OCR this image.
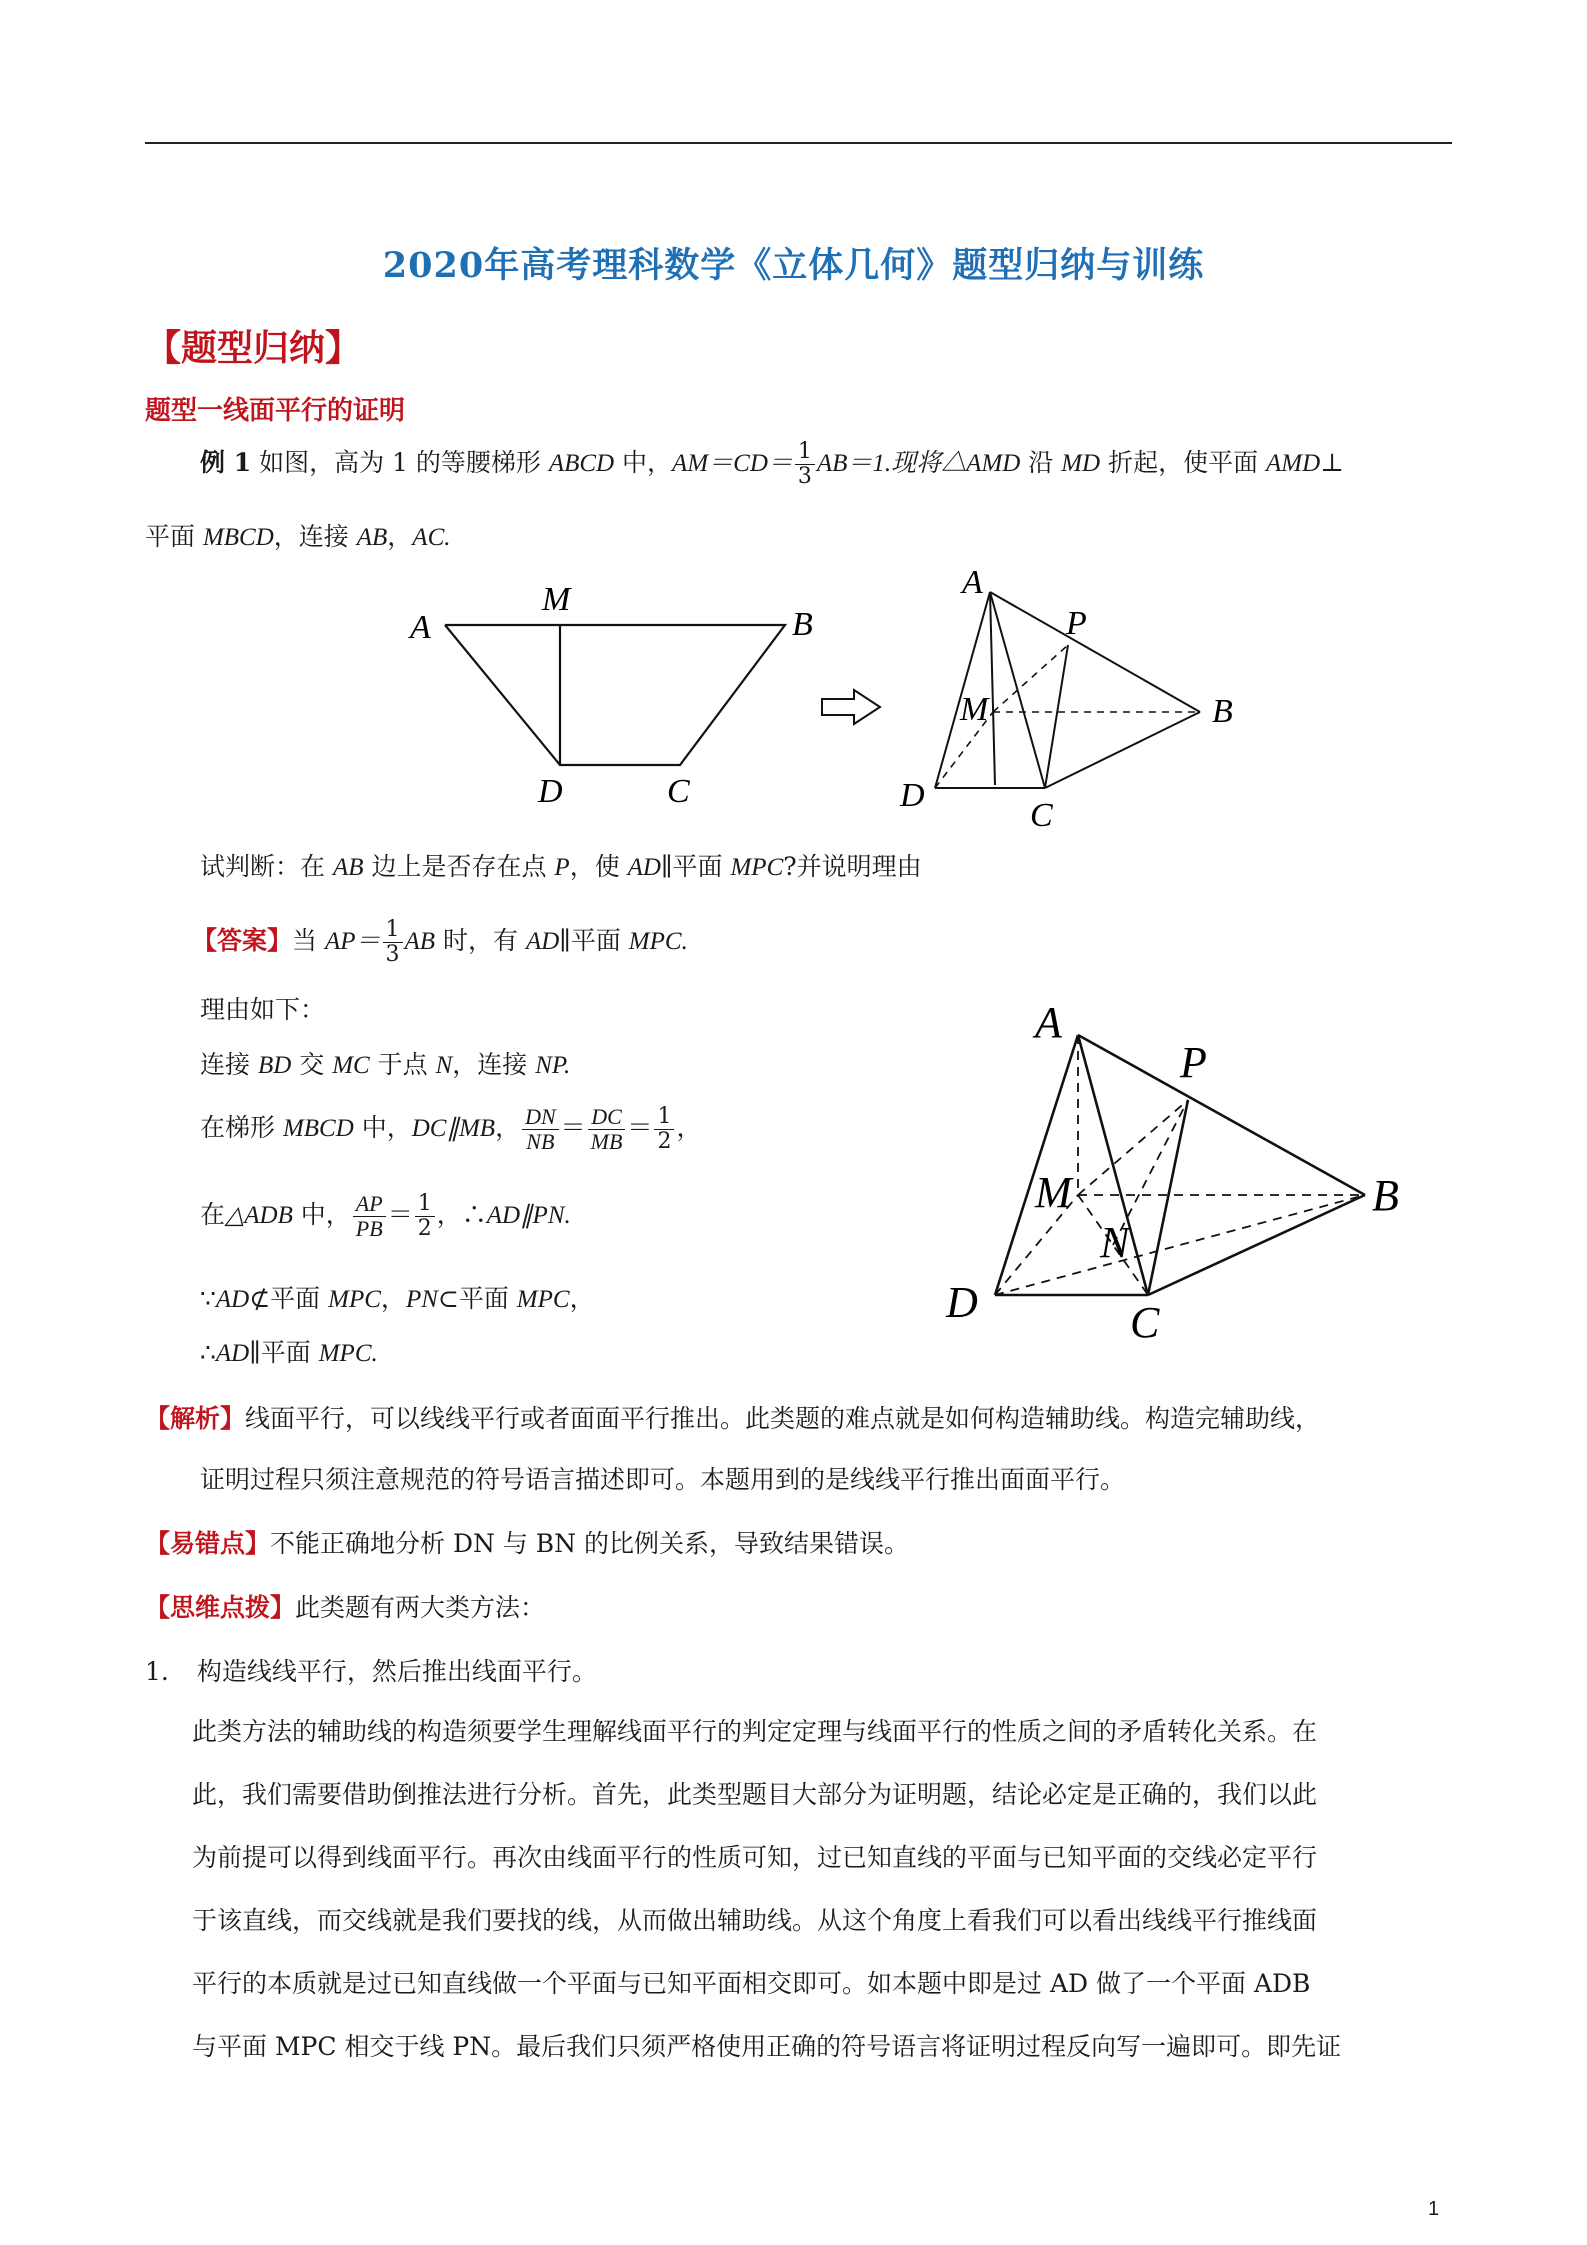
2020年高考理科数学《立体几何》题型归纳与训练
【题型归纳】
题型一线面平行的证明
例 1 如图，高为 1 的等腰梯形 ABCD 中，$AM=CD= \frac{1}{3} AB=1$.现将△AMD 沿 MD 折起，使平面 AMD⊥
平面 MBCD，连接 AB，AC.
A
M
B
D	C
A
P
M	B
D
C
试判断：在 AB 边上是否存在点 P，使 AD∥平面 MPC?并说明理由
【答案】当 $AP= \frac{1}{3}$ AB 时，有 AD∥平面 MPC.
理由如下：
连接 BD 交 MC 于点 N，连接 NP.
在梯形 MBCD 中，DC∥MB， $\frac{DN}{NB} = \frac{DC}{MB} = \frac{1}{2}$ ，
在△ADB 中， $\frac{AP}{PB} = \frac{1}{2}$ ，∴AD∥PN.
∵AD⊄平面 MPC，PN⊂平面 MPC，
∴AD∥平面 MPC.
A
P
M	B
N
D	C
【解析】线面平行，可以线线平行或者面面平行推出。此类题的难点就是如何构造辅助线。构造完辅助线，
证明过程只须注意规范的符号语言描述即可。本题用到的是线线平行推出面面平行。
【易错点】不能正确地分析 DN 与 BN 的比例关系，导致结果错误。
【思维点拨】此类题有两大类方法：
1. 构造线线平行，然后推出线面平行。
此类方法的辅助线的构造须要学生理解线面平行的判定定理与线面平行的性质之间的矛盾转化关系。在
此，我们需要借助倒推法进行分析。首先，此类型题目大部分为证明题，结论必定是正确的，我们以此
为前提可以得到线面平行。再次由线面平行的性质可知，过已知直线的平面与已知平面的交线必定平行
于该直线，而交线就是我们要找的线，从而做出辅助线。从这个角度上看我们可以看出线线平行推线面
平行的本质就是过已知直线做一个平面与已知平面相交即可。如本题中即是过 AD 做了一个平面 ADB
与平面 MPC 相交于线 PN。最后我们只须严格使用正确的符号语言将证明过程反向写一遍即可。即先证
1
